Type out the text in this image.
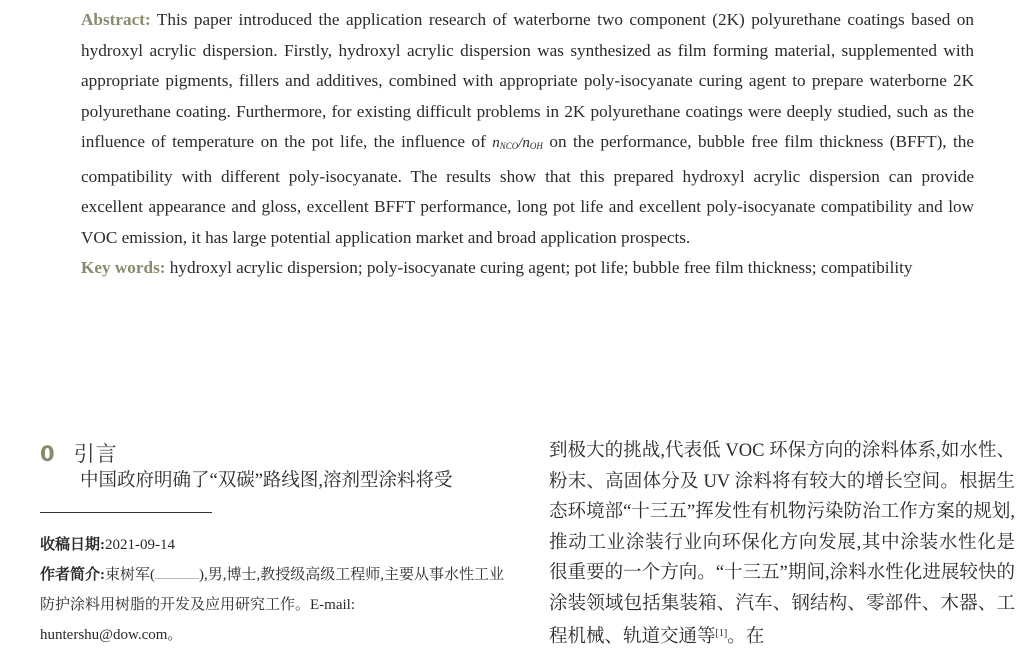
Abstract: This paper introduced the application research of waterborne two component (2K) polyurethane coatings based on hydroxyl acrylic dispersion. Firstly, hydroxyl acrylic dispersion was synthesized as film forming material, supplemented with appropriate pigments, fillers and additives, combined with appropriate poly-isocyanate curing agent to prepare waterborne 2K polyurethane coating. Furthermore, for existing difficult problems in 2K polyurethane coatings were deeply studied, such as the influence of temperature on the pot life, the influence of nNCO/nOH on the performance, bubble free film thickness (BFFT), the compatibility with different poly-isocyanate. The results show that this prepared hydroxyl acrylic dispersion can provide excellent appearance and gloss, excellent BFFT performance, long pot life and excellent poly-isocyanate compatibility and low VOC emission, it has large potential application market and broad application prospects.

Key words: hydroxyl acrylic dispersion; poly-isocyanate curing agent; pot life; bubble free film thickness; compatibility

0 引言
中国政府明确了“双碳”路线图,溶剂型涂料将受

收稿日期:2021-09-14

作者简介:束树军(	),男,博士,教授级高级工程师,主要从事水性工业防护涂料用树脂的开发及应用研究工作。E-mail:
huntershu@dow.com。

到极大的挑战,代表低 VOC 环保方向的涂料体系,如水性、粉末、高固体分及 UV 涂料将有较大的增长空间。根据生态环境部“十三五”挥发性有机物污染防治工作方案的规划,推动工业涂装行业向环保化方向发展,其中涂装水性化是很重要的一个方向。“十三五”期间,涂料水性化进展较快的涂装领域包括集装箱、汽车、钢结构、零部件、木器、工程机械、轨道交通等[1]。在
